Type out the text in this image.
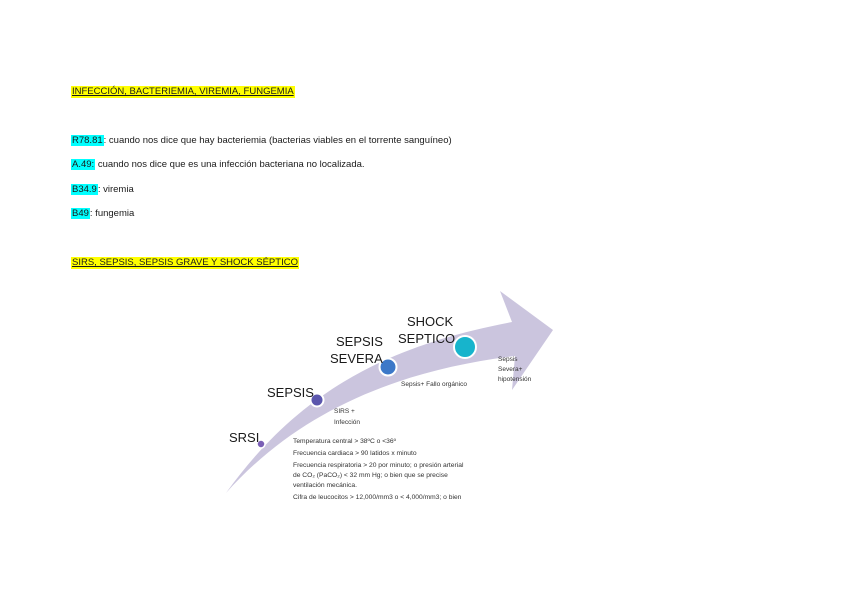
INFECCIÓN, BACTERIEMIA, VIREMIA, FUNGEMIA
R78.81: cuando nos dice que hay bacteriemia (bacterias viables en el torrente sanguíneo)
A.49: cuando nos dice que es una infección bacteriana no localizada.
B34.9: viremia
B49: fungemia
SIRS, SEPSIS, SEPSIS GRAVE Y SHOCK SÉPTICO
SRSI
SEPSIS
SEPSIS
SEVERA
SHOCK
SEPTICO
SIRS +
Infección
Sepsis+ Fallo orgánico
Sepsis
Severa+
hipotensión
Temperatura central > 38ºC o <36º
Frecuencia cardiaca > 90 latidos x minuto
Frecuencia respiratoria > 20 por minuto; o presión arterial
de CO₂ (PaCO₂) < 32 mm Hg; o bien que se precise
ventilación mecánica.
Cifra de leucocitos > 12,000/mm3 o < 4,000/mm3; o bien
